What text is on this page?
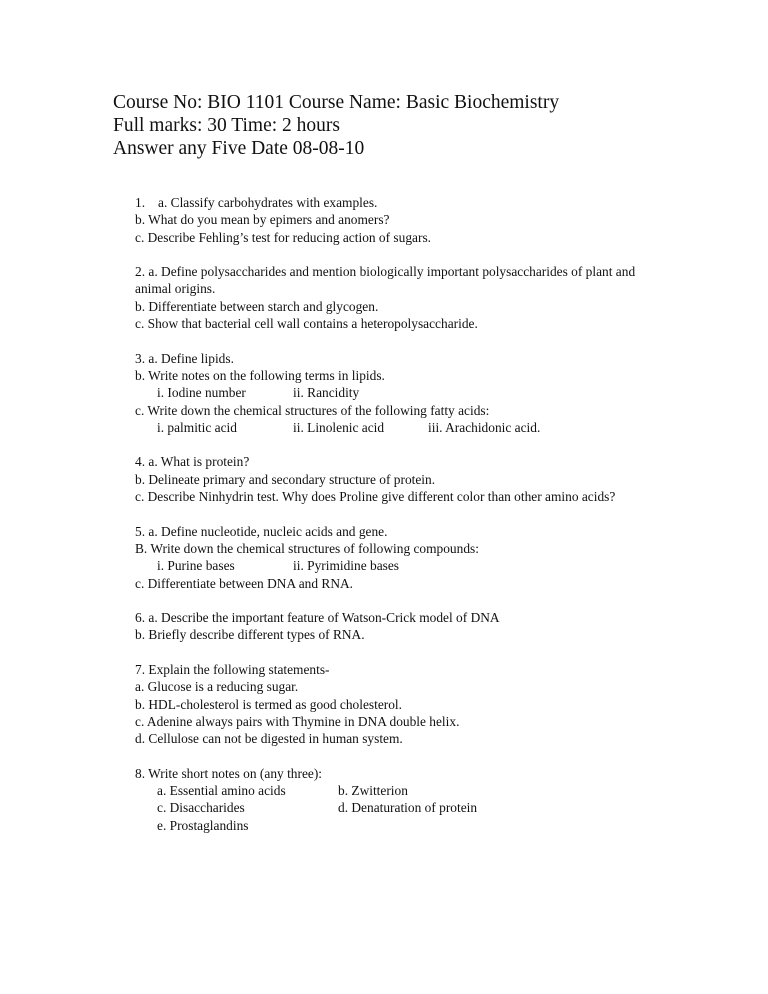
Course No: BIO 1101 Course Name: Basic Biochemistry
Full marks: 30 Time: 2 hours
Answer any Five Date 08-08-10
1. a. Classify carbohydrates with examples.
b. What do you mean by epimers and anomers?
c. Describe Fehling’s test for reducing action of sugars.
2. a. Define polysaccharides and mention biologically important polysaccharides of plant and animal origins.
b. Differentiate between starch and glycogen.
c. Show that bacterial cell wall contains a heteropolysaccharide.
3. a. Define lipids.
b. Write notes on the following terms in lipids.
i. Iodine number	ii. Rancidity
c. Write down the chemical structures of the following fatty acids:
i. palmitic acid	ii. Linolenic acid	iii. Arachidonic acid.
4. a. What is protein?
b. Delineate primary and secondary structure of protein.
c. Describe Ninhydrin test. Why does Proline give different color than other amino acids?
5. a. Define nucleotide, nucleic acids and gene.
B. Write down the chemical structures of following compounds:
i. Purine bases	ii. Pyrimidine bases
c. Differentiate between DNA and RNA.
6. a. Describe the important feature of Watson-Crick model of DNA
b. Briefly describe different types of RNA.
7. Explain the following statements-
a. Glucose is a reducing sugar.
b. HDL-cholesterol is termed as good cholesterol.
c. Adenine always pairs with Thymine in DNA double helix.
d. Cellulose can not be digested in human system.
8. Write short notes on (any three):
a. Essential amino acids	b. Zwitterion
c. Disaccharides	d. Denaturation of protein
e. Prostaglandins
